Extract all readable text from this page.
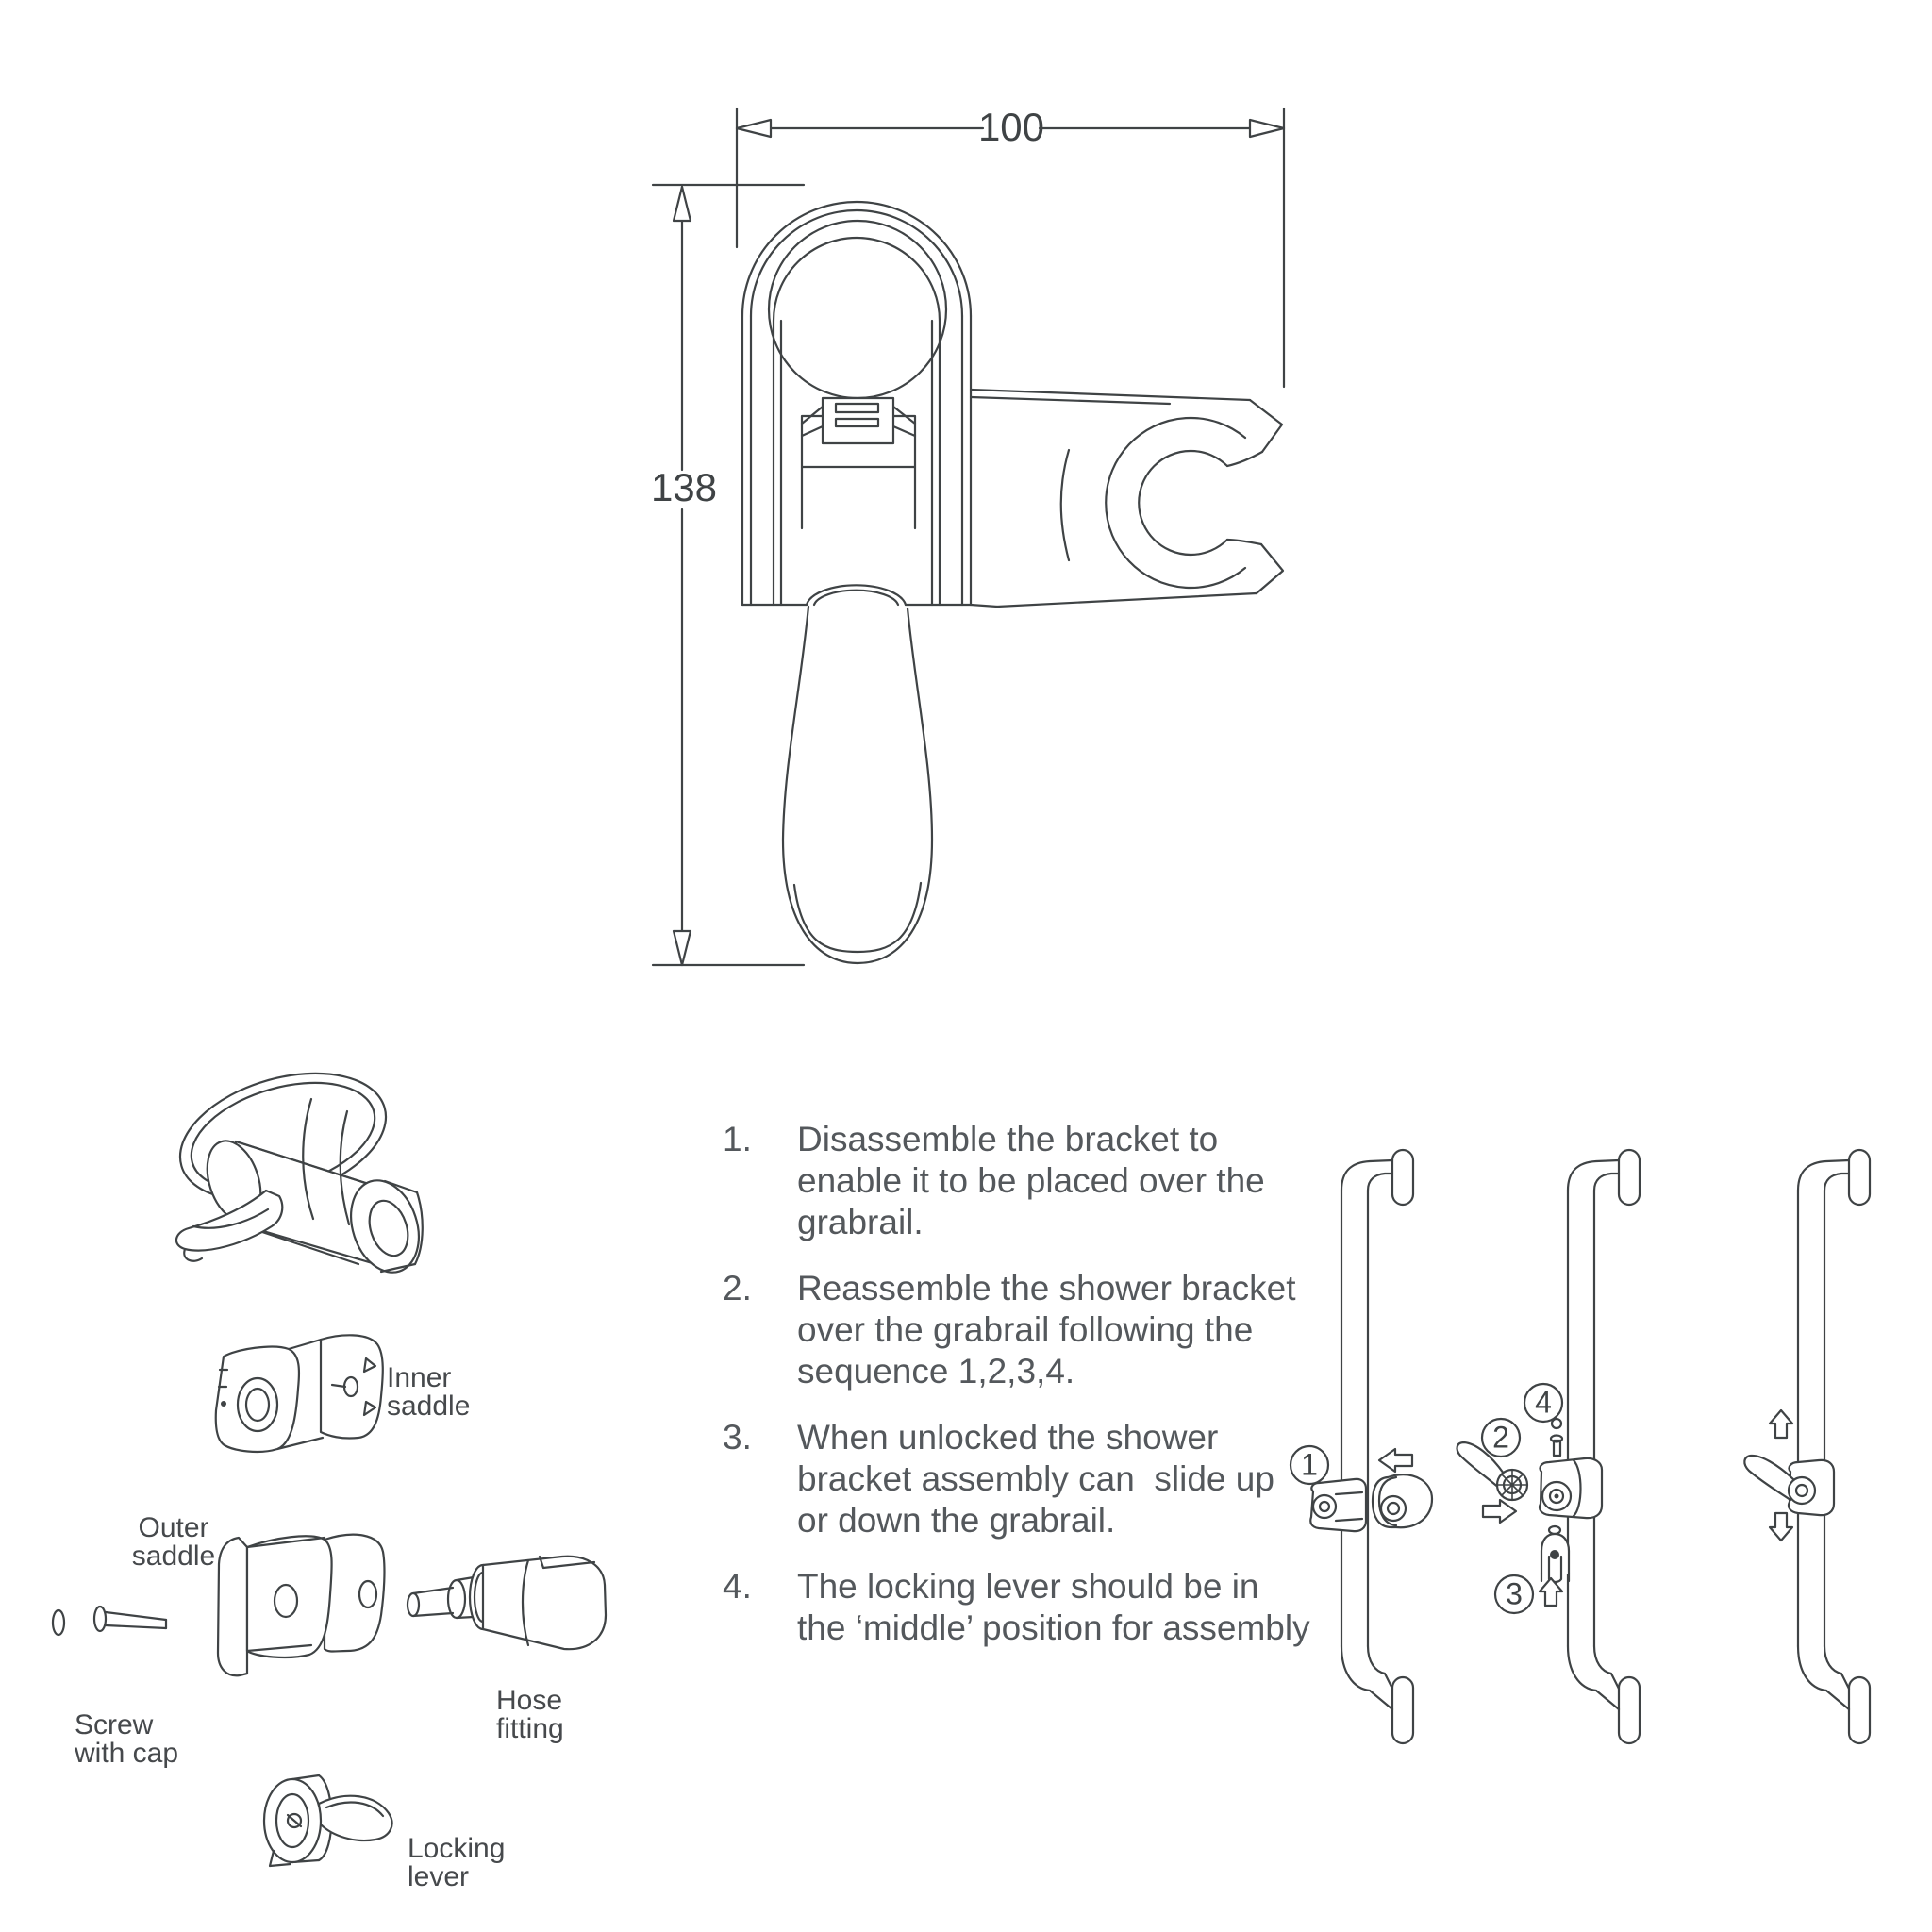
100
138
Inner
saddle
Outer
saddle
Screw
with cap
Hose
fitting
Locking
lever
1
2
4
3
1.	Disassemble the bracket to
enable it to be placed over the
grabrail.
2.	Reassemble the shower bracket
over the grabrail following the
sequence 1,2,3,4.
3.	When unlocked the shower
bracket assembly can  slide up
or down the grabrail.
4.	The locking lever should be in
the ‘middle’ position for assembly
